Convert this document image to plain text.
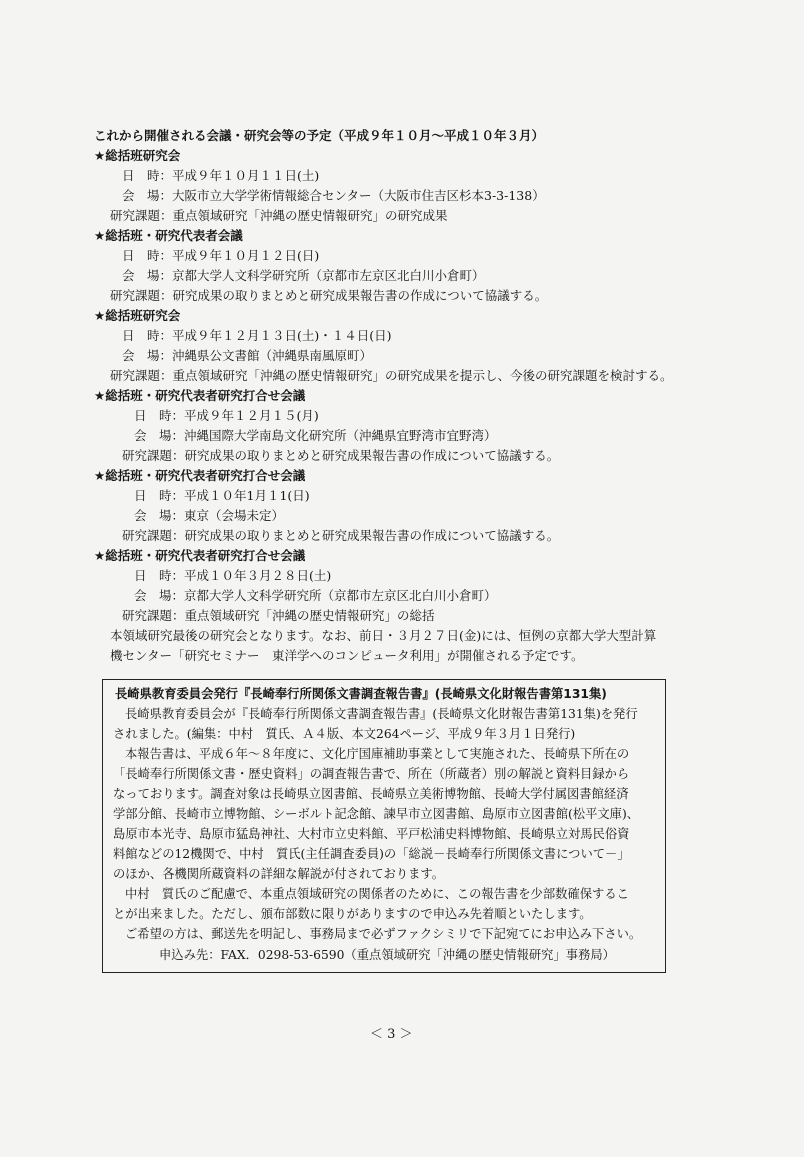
これから開催される会議・研究会等の予定（平成９年１０月～平成１０年３月）
★総括班研究会
日　時：平成９年１０月１１日(土)
会　場：大阪市立大学学術情報総合センター（大阪市住吉区杉本3-3-138）
研究課題：重点領域研究「沖縄の歴史情報研究」の研究成果
★総括班・研究代表者会議
日　時：平成９年１０月１２日(日)
会　場：京都大学人文科学研究所（京都市左京区北白川小倉町）
研究課題：研究成果の取りまとめと研究成果報告書の作成について協議する。
★総括班研究会
日　時：平成９年１２月１３日(土)・１４日(日)
会　場：沖縄県公文書館（沖縄県南風原町）
研究課題：重点領域研究「沖縄の歴史情報研究」の研究成果を提示し、今後の研究課題を検討する。
★総括班・研究代表者研究打合せ会議
日　時：平成９年１２月１５(月)
会　場：沖縄国際大学南島文化研究所（沖縄県宜野湾市宜野湾）
研究課題：研究成果の取りまとめと研究成果報告書の作成について協議する。
★総括班・研究代表者研究打合せ会議
日　時：平成１０年1月１1(日)
会　場：東京（会場未定）
研究課題：研究成果の取りまとめと研究成果報告書の作成について協議する。
★総括班・研究代表者研究打合せ会議
日　時：平成１０年３月２８日(土)
会　場：京都大学人文科学研究所（京都市左京区北白川小倉町）
研究課題：重点領域研究「沖縄の歴史情報研究」の総括
本領域研究最後の研究会となります。なお、前日・３月２７日(金)には、恒例の京都大学大型計算
機センター「研究セミナー　東洋学へのコンピュータ利用」が開催される予定です。
長崎県教育委員会発行『長崎奉行所関係文書調査報告書』(長崎県文化財報告書第131集)
長崎県教育委員会が『長崎奉行所関係文書調査報告書』(長崎県文化財報告書第131集)を発行
されました。(編集：中村　質氏、Ａ４版、本文264ページ、平成９年３月１日発行)
本報告書は、平成６年～８年度に、文化庁国庫補助事業として実施された、長崎県下所在の
「長崎奉行所関係文書・歴史資料」の調査報告書で、所在（所蔵者）別の解説と資料目録から
なっております。調査対象は長崎県立図書館、長崎県立美術博物館、長崎大学付属図書館経済
学部分館、長崎市立博物館、シーボルト記念館、諫早市立図書館、島原市立図書館(松平文庫)、
島原市本光寺、島原市猛島神社、大村市立史料館、平戸松浦史料博物館、長崎県立対馬民俗資
料館などの12機関で、中村　質氏(主任調査委員)の「総説－長崎奉行所関係文書について－」
のほか、各機関所蔵資料の詳細な解説が付されております。
中村　質氏のご配慮で、本重点領域研究の関係者のために、この報告書を少部数確保するこ
とが出来ました。ただし、頒布部数に限りがありますので申込み先着順といたします。
ご希望の方は、郵送先を明記し、事務局まで必ずファクシミリで下記宛てにお申込み下さい。
申込み先：FAX．0298-53-6590（重点領域研究「沖縄の歴史情報研究」事務局）
＜ 3 ＞
